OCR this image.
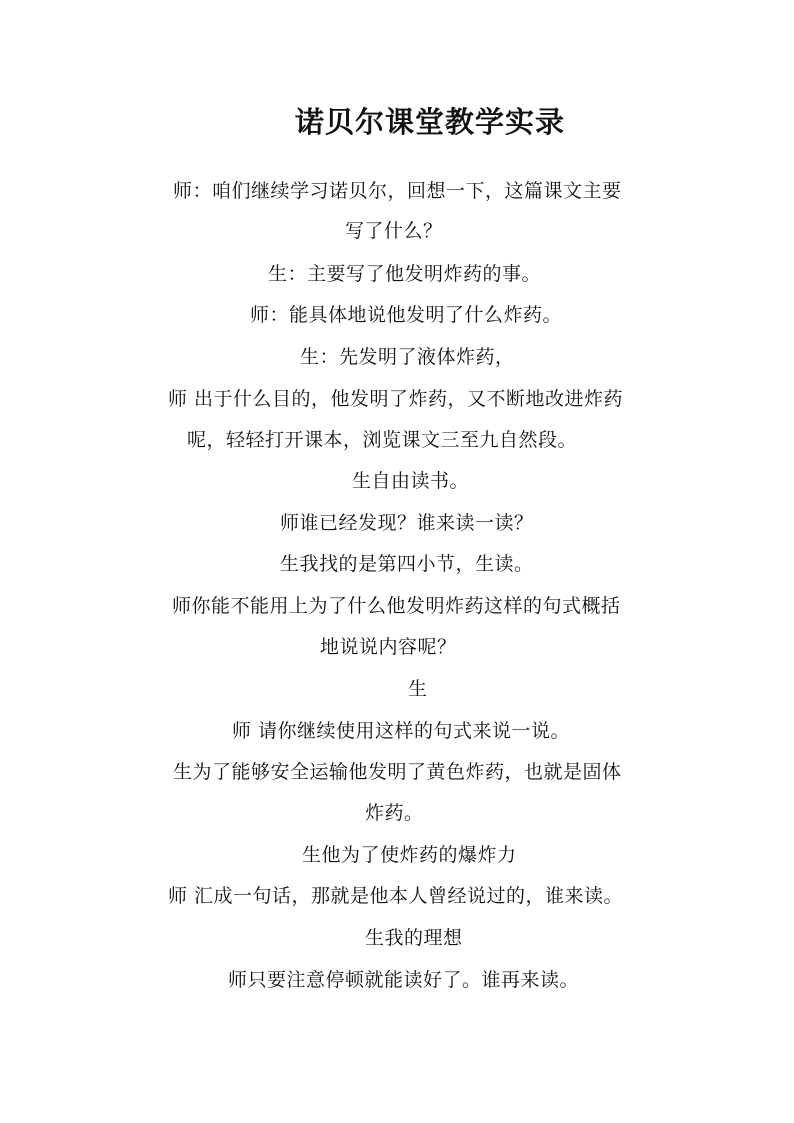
诺贝尔课堂教学实录
师：咱们继续学习诺贝尔，回想一下，这篇课文主要
写了什么？
生：主要写了他发明炸药的事。
师：能具体地说他发明了什么炸药。
生：先发明了液体炸药，
师 出于什么目的，他发明了炸药，又不断地改进炸药
呢，轻轻打开课本，浏览课文三至九自然段。
生自由读书。
师谁已经发现？谁来读一读？
生我找的是第四小节，生读。
师你能不能用上为了什么他发明炸药这样的句式概括
地说说内容呢？
生
师 请你继续使用这样的句式来说一说。
生为了能够安全运输他发明了黄色炸药，也就是固体
炸药。
生他为了使炸药的爆炸力
师 汇成一句话，那就是他本人曾经说过的，谁来读。
生我的理想
师只要注意停顿就能读好了。谁再来读。
